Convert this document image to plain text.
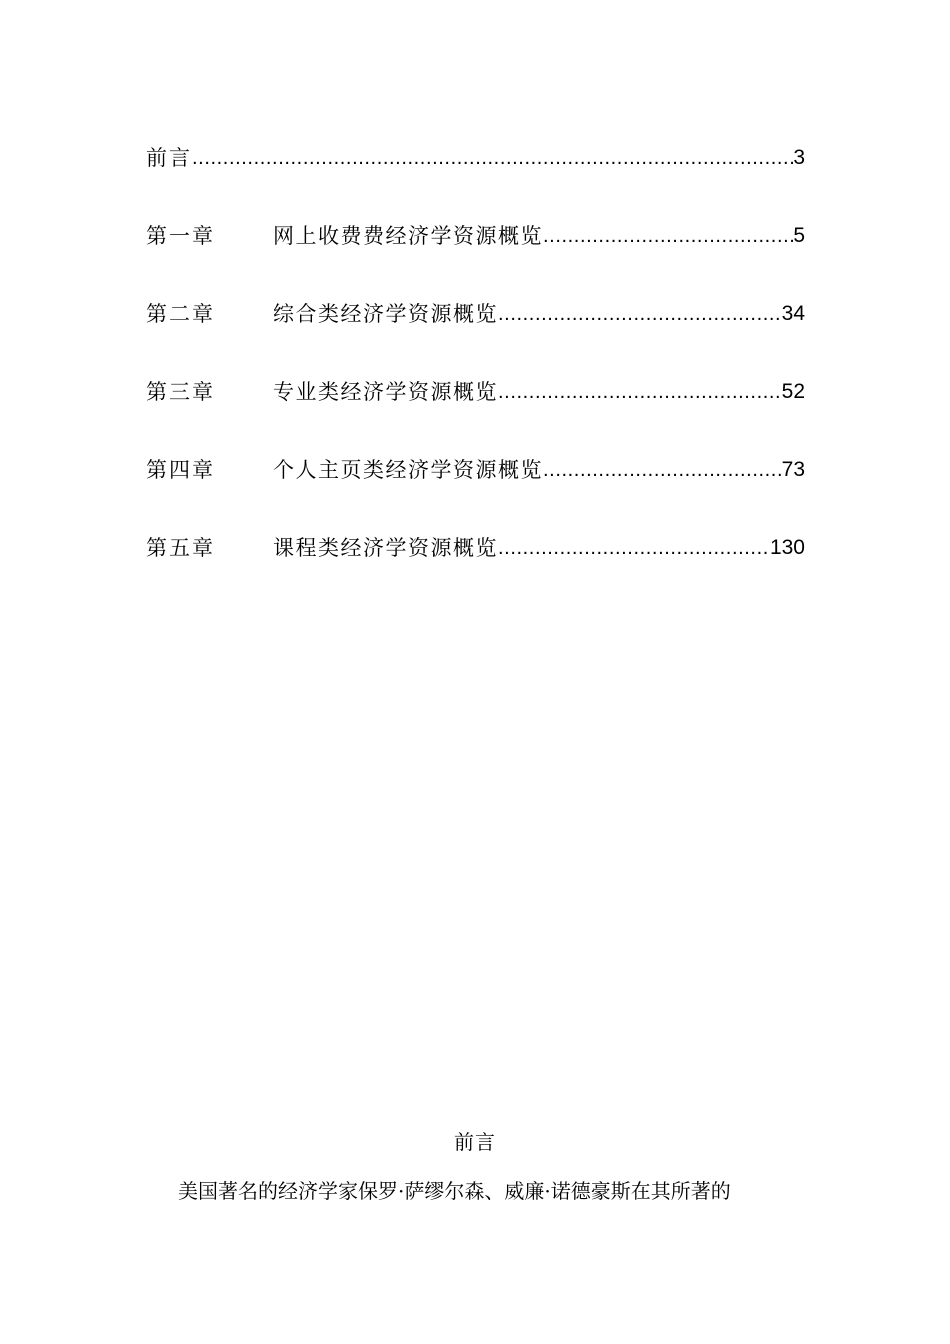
前言 .....	3
第一章	网上收费费经济学资源概览 .....	5
第二章	综合类经济学资源概览 .....	34
第三章	专业类经济学资源概览 .....	52
第四章	个人主页类经济学资源概览 .....	73
第五章	课程类经济学资源概览 .....	130
前言
美国著名的经济学家保罗·萨缪尔森、威廉·诺德豪斯在其所著的
